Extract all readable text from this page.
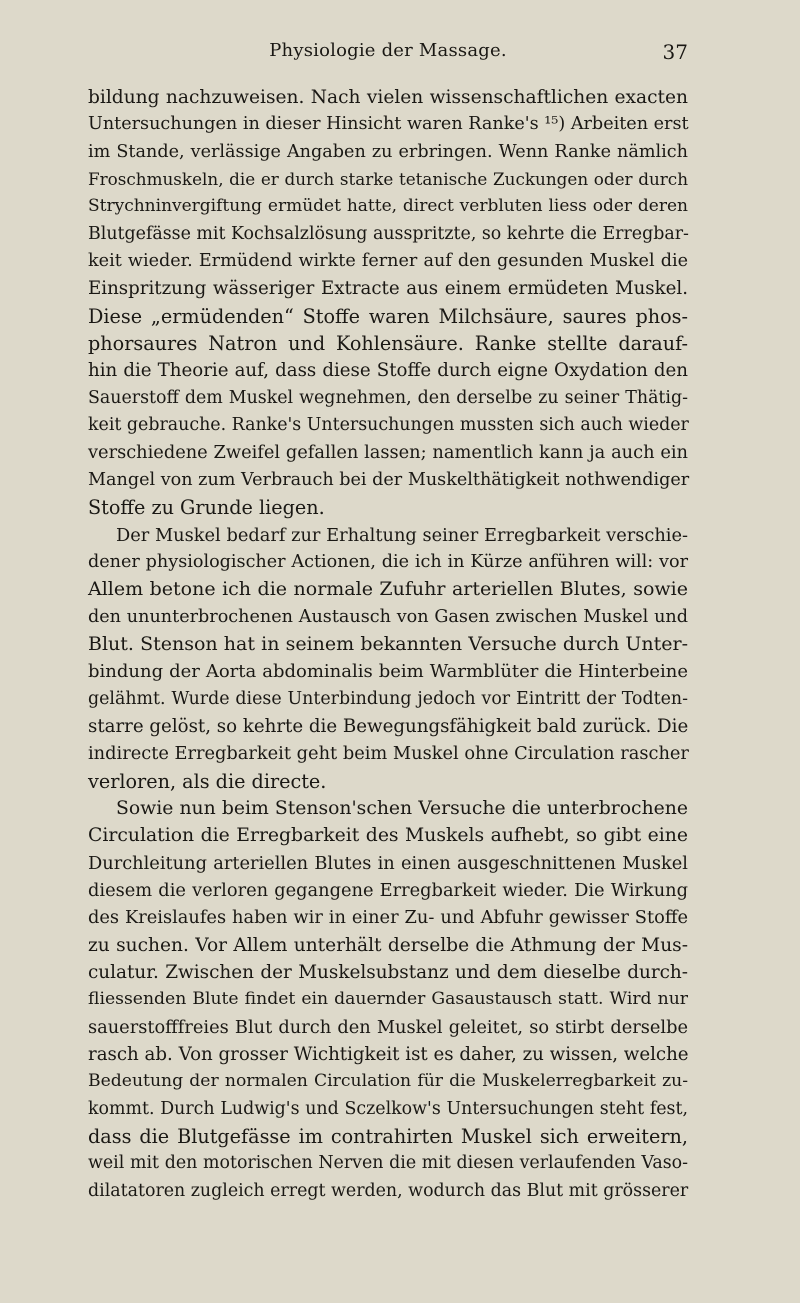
Physiologie der Massage.	37
bildung nachzuweisen. Nach vielen wissenschaftlichen exacten
Untersuchungen in dieser Hinsicht waren Ranke's ¹⁵) Arbeiten erst
im Stande, verlässige Angaben zu erbringen. Wenn Ranke nämlich
Froschmuskeln, die er durch starke tetanische Zuckungen oder durch
Strychninvergiftung ermüdet hatte, direct verbluten liess oder deren
Blutgefässe mit Kochsalzlösung ausspritzte, so kehrte die Erregbar-
keit wieder. Ermüdend wirkte ferner auf den gesunden Muskel die
Einspritzung wässeriger Extracte aus einem ermüdeten Muskel.
Diese „ermüdenden“ Stoffe waren Milchsäure, saures phos-
phorsaures Natron und Kohlensäure. Ranke stellte darauf-
hin die Theorie auf, dass diese Stoffe durch eigne Oxydation den
Sauerstoff dem Muskel wegnehmen, den derselbe zu seiner Thätig-
keit gebrauche. Ranke's Untersuchungen mussten sich auch wieder
verschiedene Zweifel gefallen lassen; namentlich kann ja auch ein
Mangel von zum Verbrauch bei der Muskelthätigkeit nothwendiger
Stoffe zu Grunde liegen.
Der Muskel bedarf zur Erhaltung seiner Erregbarkeit verschie-
dener physiologischer Actionen, die ich in Kürze anführen will: vor
Allem betone ich die normale Zufuhr arteriellen Blutes, sowie
den ununterbrochenen Austausch von Gasen zwischen Muskel und
Blut. Stenson hat in seinem bekannten Versuche durch Unter-
bindung der Aorta abdominalis beim Warmblüter die Hinterbeine
gelähmt. Wurde diese Unterbindung jedoch vor Eintritt der Todten-
starre gelöst, so kehrte die Bewegungsfähigkeit bald zurück. Die
indirecte Erregbarkeit geht beim Muskel ohne Circulation rascher
verloren, als die directe.
Sowie nun beim Stenson'schen Versuche die unterbrochene
Circulation die Erregbarkeit des Muskels aufhebt, so gibt eine
Durchleitung arteriellen Blutes in einen ausgeschnittenen Muskel
diesem die verloren gegangene Erregbarkeit wieder. Die Wirkung
des Kreislaufes haben wir in einer Zu- und Abfuhr gewisser Stoffe
zu suchen. Vor Allem unterhält derselbe die Athmung der Mus-
culatur. Zwischen der Muskelsubstanz und dem dieselbe durch-
fliessenden Blute findet ein dauernder Gasaustausch statt. Wird nur
sauerstofffreies Blut durch den Muskel geleitet, so stirbt derselbe
rasch ab. Von grosser Wichtigkeit ist es daher, zu wissen, welche
Bedeutung der normalen Circulation für die Muskelerregbarkeit zu-
kommt. Durch Ludwig's und Sczelkow's Untersuchungen steht fest,
dass die Blutgefässe im contrahirten Muskel sich erweitern,
weil mit den motorischen Nerven die mit diesen verlaufenden Vaso-
dilatatoren zugleich erregt werden, wodurch das Blut mit grösserer
